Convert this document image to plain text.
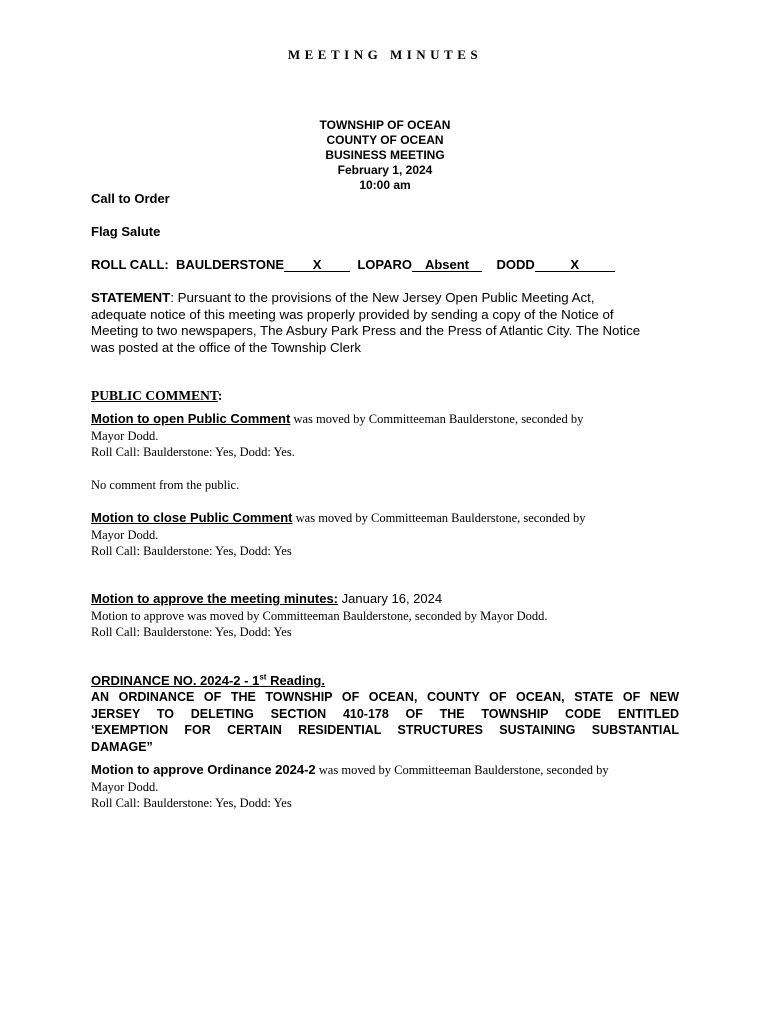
MEETING MINUTES
TOWNSHIP OF OCEAN
COUNTY OF OCEAN
BUSINESS MEETING
February 1, 2024
10:00 am
Call to Order
Flag Salute
ROLL CALL: BAULDERSTONE X	LOPARO Absent DODD	X
STATEMENT: Pursuant to the provisions of the New Jersey Open Public Meeting Act,
adequate notice of this meeting was properly provided by sending a copy of the Notice of
Meeting to two newspapers, The Asbury Park Press and the Press of Atlantic City. The Notice
was posted at the office of the Township Clerk
PUBLIC COMMENT:
Motion to open Public Comment was moved by Committeeman Baulderstone, seconded by
Mayor Dodd.
Roll Call: Baulderstone: Yes, Dodd: Yes.
No comment from the public.
Motion to close Public Comment was moved by Committeeman Baulderstone, seconded by
Mayor Dodd.
Roll Call: Baulderstone: Yes, Dodd: Yes
Motion to approve the meeting minutes: January 16, 2024
Motion to approve was moved by Committeeman Baulderstone, seconded by Mayor Dodd.
Roll Call: Baulderstone: Yes, Dodd: Yes
ORDINANCE NO. 2024-2 - 1st Reading.
AN ORDINANCE OF THE TOWNSHIP OF OCEAN, COUNTY OF OCEAN, STATE OF NEW
JERSEY TO DELETING SECTION 410-178 OF THE TOWNSHIP CODE ENTITLED
‘EXEMPTION FOR CERTAIN RESIDENTIAL STRUCTURES SUSTAINING SUBSTANTIAL
DAMAGE”
Motion to approve Ordinance 2024-2 was moved by Committeeman Baulderstone, seconded by
Mayor Dodd.
Roll Call: Baulderstone: Yes, Dodd: Yes
